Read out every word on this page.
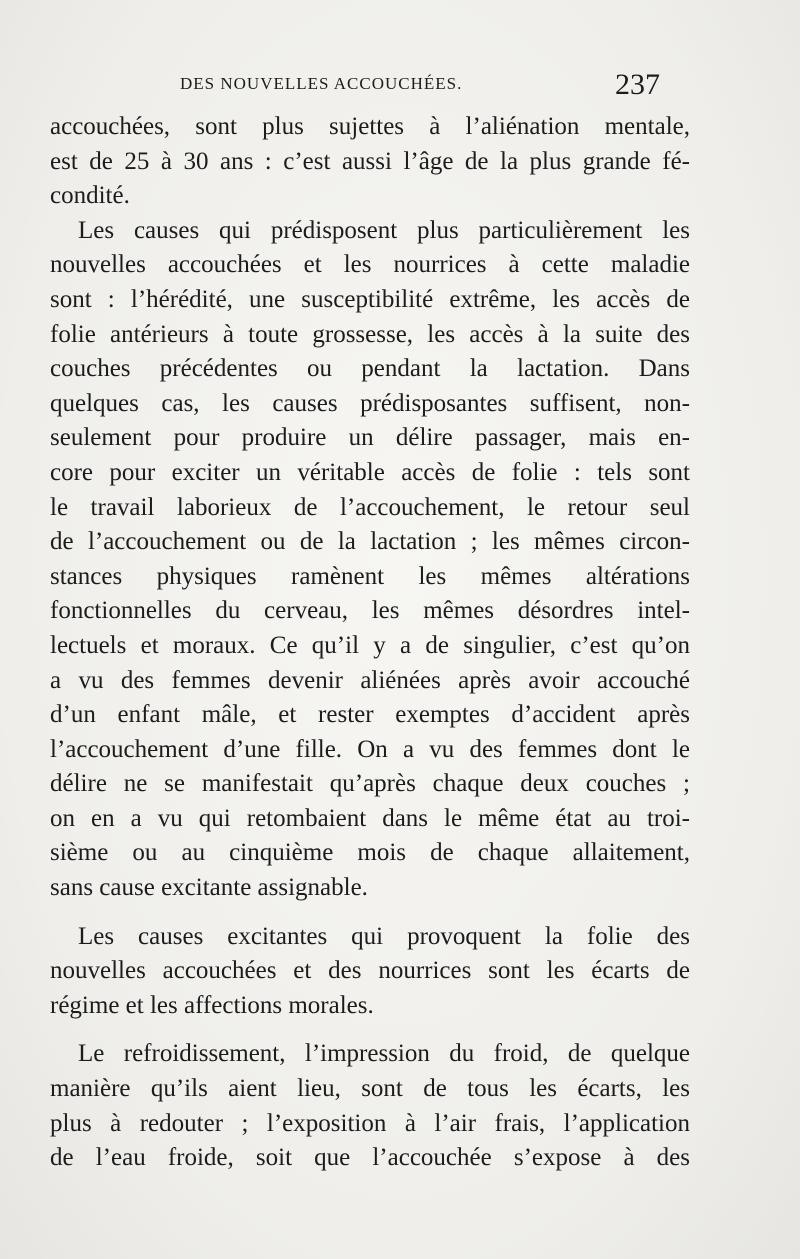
DES NOUVELLES ACCOUCHÉES.	237
accouchées, sont plus sujettes à l’aliénation mentale,
est de 25 à 30 ans : c’est aussi l’âge de la plus grande fé-
condité.
Les causes qui prédisposent plus particulièrement les
nouvelles accouchées et les nourrices à cette maladie
sont : l’hérédité, une susceptibilité extrême, les accès de
folie antérieurs à toute grossesse, les accès à la suite des
couches précédentes ou pendant la lactation. Dans
quelques cas, les causes prédisposantes suffisent, non-
seulement pour produire un délire passager, mais en-
core pour exciter un véritable accès de folie : tels sont
le travail laborieux de l’accouchement, le retour seul
de l’accouchement ou de la lactation ; les mêmes circon-
stances physiques ramènent les mêmes altérations
fonctionnelles du cerveau, les mêmes désordres intel-
lectuels et moraux. Ce qu’il y a de singulier, c’est qu’on
a vu des femmes devenir aliénées après avoir accouché
d’un enfant mâle, et rester exemptes d’accident après
l’accouchement d’une fille. On a vu des femmes dont le
délire ne se manifestait qu’après chaque deux couches ;
on en a vu qui retombaient dans le même état au troi-
sième ou au cinquième mois de chaque allaitement,
sans cause excitante assignable.
Les causes excitantes qui provoquent la folie des
nouvelles accouchées et des nourrices sont les écarts de
régime et les affections morales.
Le refroidissement, l’impression du froid, de quelque
manière qu’ils aient lieu, sont de tous les écarts, les
plus à redouter ; l’exposition à l’air frais, l’application
de l’eau froide, soit que l’accouchée s’expose à des
